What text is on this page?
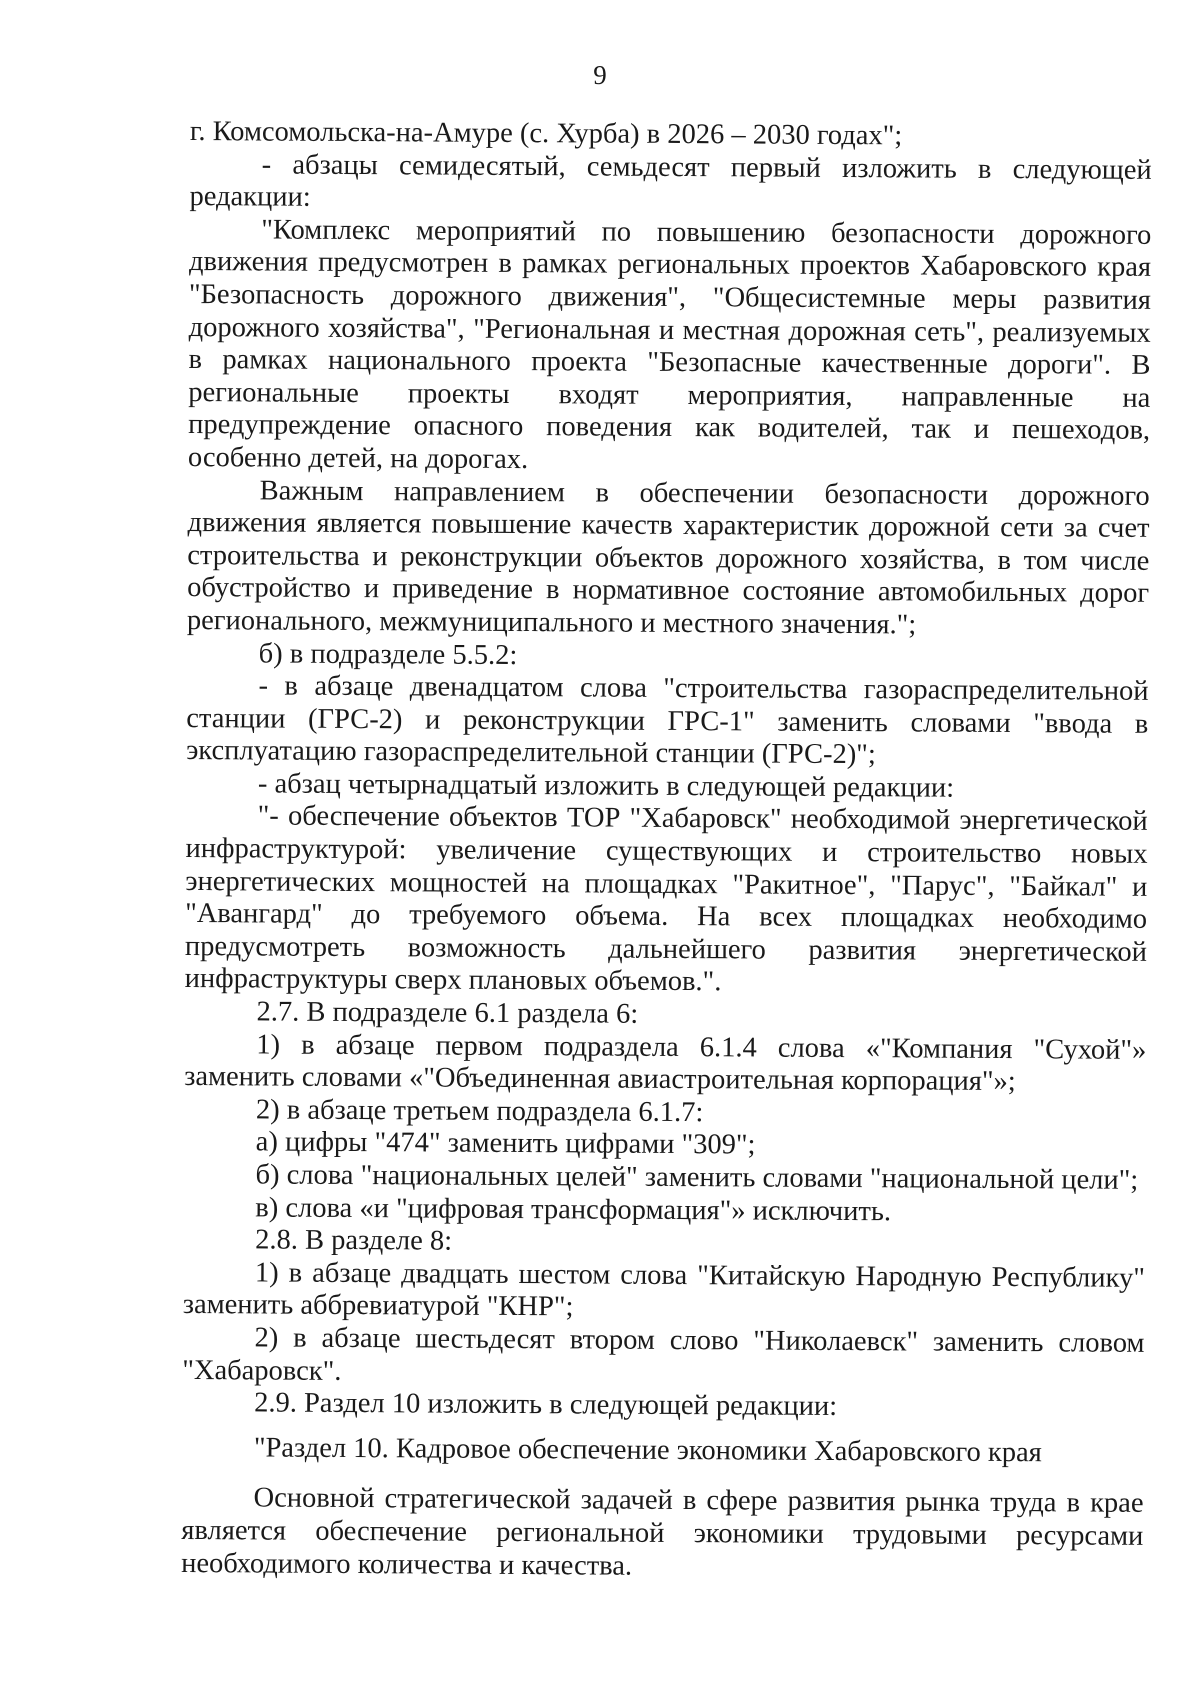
9

г. Комсомольска-на-Амуре (с. Хурба) в 2026 – 2030 годах";

- абзацы семидесятый, семьдесят первый изложить в следующей редакции:

"Комплекс мероприятий по повышению безопасности дорожного движения предусмотрен в рамках региональных проектов Хабаровского края "Безопасность дорожного движения", "Общесистемные меры развития дорожного хозяйства", "Региональная и местная дорожная сеть", реализуемых в рамках национального проекта "Безопасные качественные дороги". В региональные проекты входят мероприятия, направленные на предупреждение опасного поведения как водителей, так и пешеходов, особенно детей, на дорогах.

Важным направлением в обеспечении безопасности дорожного движения является повышение качеств характеристик дорожной сети за счет строительства и реконструкции объектов дорожного хозяйства, в том числе обустройство и приведение в нормативное состояние автомобильных дорог регионального, межмуниципального и местного значения.";

б) в подразделе 5.5.2:

- в абзаце двенадцатом слова "строительства газораспределительной станции (ГРС-2) и реконструкции ГРС-1" заменить словами "ввода в эксплуатацию газораспределительной станции (ГРС-2)";

- абзац четырнадцатый изложить в следующей редакции:

"- обеспечение объектов ТОР "Хабаровск" необходимой энергетической инфраструктурой: увеличение существующих и строительство новых энергетических мощностей на площадках "Ракитное", "Парус", "Байкал" и "Авангард" до требуемого объема. На всех площадках необходимо предусмотреть возможность дальнейшего развития энергетической инфраструктуры сверх плановых объемов.".

2.7. В подразделе 6.1 раздела 6:

1) в абзаце первом подраздела 6.1.4 слова «"Компания "Сухой"» заменить словами «"Объединенная авиастроительная корпорация"»;

2) в абзаце третьем подраздела 6.1.7:

а) цифры "474" заменить цифрами "309";

б) слова "национальных целей" заменить словами "национальной цели";

в) слова «и "цифровая трансформация"» исключить.

2.8. В разделе 8:

1) в абзаце двадцать шестом слова "Китайскую Народную Республику" заменить аббревиатурой "КНР";

2) в абзаце шестьдесят втором слово "Николаевск" заменить словом "Хабаровск".

2.9. Раздел 10 изложить в следующей редакции:

"Раздел 10. Кадровое обеспечение экономики Хабаровского края

Основной стратегической задачей в сфере развития рынка труда в крае является обеспечение региональной экономики трудовыми ресурсами необходимого количества и качества.
